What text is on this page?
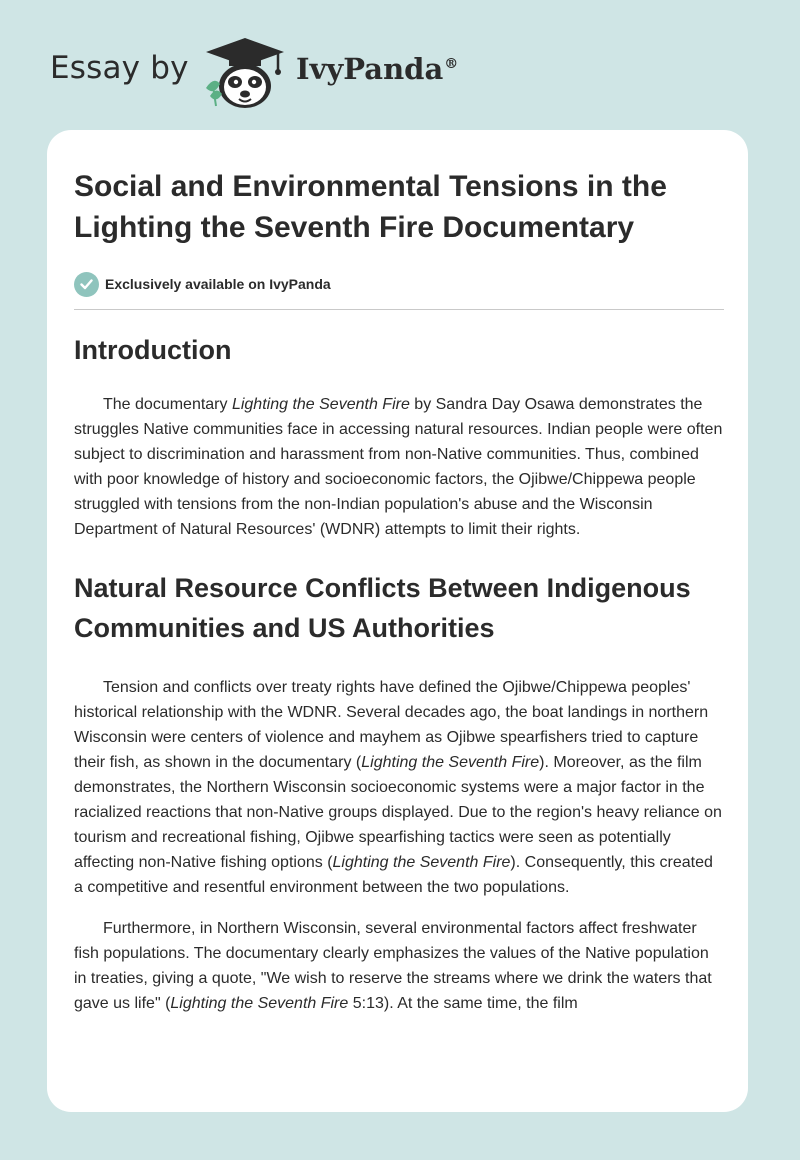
Essay by	IvyPanda®
Social and Environmental Tensions in the Lighting the Seventh Fire Documentary
Exclusively available on IvyPanda
Introduction

The documentary Lighting the Seventh Fire by Sandra Day Osawa demonstrates the struggles Native communities face in accessing natural resources. Indian people were often subject to discrimination and harassment from non-Native communities. Thus, combined with poor knowledge of history and socioeconomic factors, the Ojibwe/Chippewa people struggled with tensions from the non-Indian population's abuse and the Wisconsin Department of Natural Resources' (WDNR) attempts to limit their rights.

Natural Resource Conflicts Between Indigenous Communities and US Authorities

Tension and conflicts over treaty rights have defined the Ojibwe/Chippewa peoples' historical relationship with the WDNR. Several decades ago, the boat landings in northern Wisconsin were centers of violence and mayhem as Ojibwe spearfishers tried to capture their fish, as shown in the documentary (Lighting the Seventh Fire). Moreover, as the film demonstrates, the Northern Wisconsin socioeconomic systems were a major factor in the racialized reactions that non-Native groups displayed. Due to the region's heavy reliance on tourism and recreational fishing, Ojibwe spearfishing tactics were seen as potentially affecting non-Native fishing options (Lighting the Seventh Fire). Consequently, this created a competitive and resentful environment between the two populations.

Furthermore, in Northern Wisconsin, several environmental factors affect freshwater fish populations. The documentary clearly emphasizes the values of the Native population in treaties, giving a quote, "We wish to reserve the streams where we drink the waters that gave us life" (Lighting the Seventh Fire 5:13). At the same time, the film
